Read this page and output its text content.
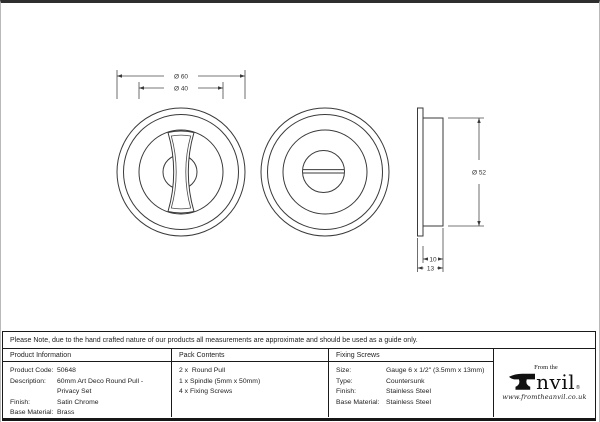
Ø 60
Ø 40
Ø 52
10
13
Please Note, due to the hand crafted nature of our products all measurements are approximate and should be used as a guide only.
Product Information
Product Code: 50648
Description:	60mm Art Deco Round Pull - Privacy Set
Finish:	Satin Chrome
Base Material: Brass
Pack Contents
2 x  Round Pull
1 x Spindle (5mm x 50mm)
4 x Fixing Screws
Fixing Screws
Size:	Gauge 6 x 1/2" (3.5mm x 13mm)
Type:	Countersunk
Finish:	Stainless Steel
Base Material: Stainless Steel
From the
nvil ®
www.fromtheanvil.co.uk
